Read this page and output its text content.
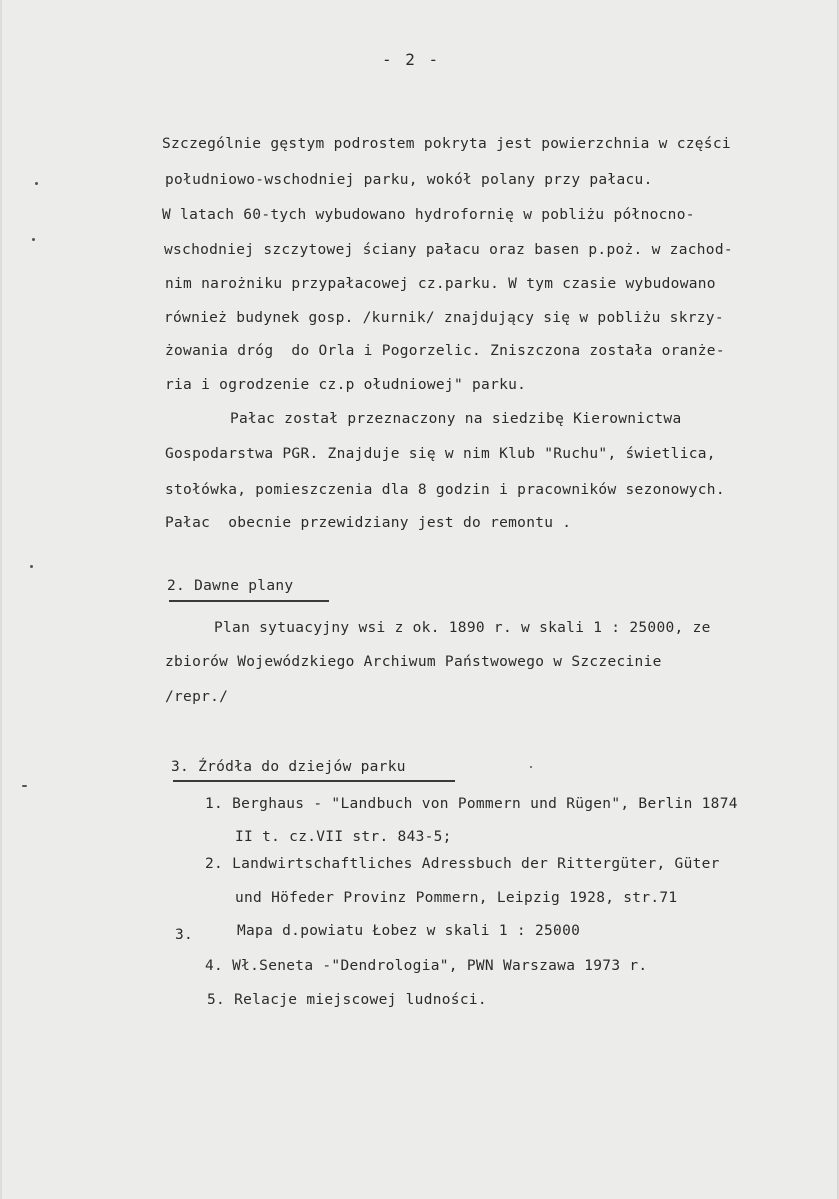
- 2 -
Szczególnie gęstym podrostem pokryta jest powierzchnia w części
południowo-wschodniej parku, wokół polany przy pałacu.
W latach 60-tych wybudowano hydrofornię w pobliżu północno-
wschodniej szczytowej ściany pałacu oraz basen p.poż. w zachod-
nim narożniku przypałacowej cz.parku. W tym czasie wybudowano
również budynek gosp. /kurnik/ znajdujący się w pobliżu skrzy-
żowania dróg  do Orla i Pogorzelic. Zniszczona została oranże-
ria i ogrodzenie cz.p ołudniowej" parku.
Pałac został przeznaczony na siedzibę Kierownictwa
Gospodarstwa PGR. Znajduje się w nim Klub "Ruchu", świetlica,
stołówka, pomieszczenia dla 8 godzin i pracowników sezonowych.
Pałac  obecnie przewidziany jest do remontu .
2. Dawne plany
Plan sytuacyjny wsi z ok. 1890 r. w skali 1 : 25000, ze
zbiorów Wojewódzkiego Archiwum Państwowego w Szczecinie
/repr./
3. Źródła do dziejów parku
1. Berghaus - "Landbuch von Pommern und Rügen", Berlin 1874
II t. cz.VII str. 843-5;
2. Landwirtschaftliches Adressbuch der Rittergüter, Güter
und Höfeder Provinz Pommern, Leipzig 1928, str.71
3.	Mapa d.powiatu Łobez w skali 1 : 25000
4. Wł.Seneta -"Dendrologia", PWN Warszawa 1973 r.
5. Relacje miejscowej ludności.
